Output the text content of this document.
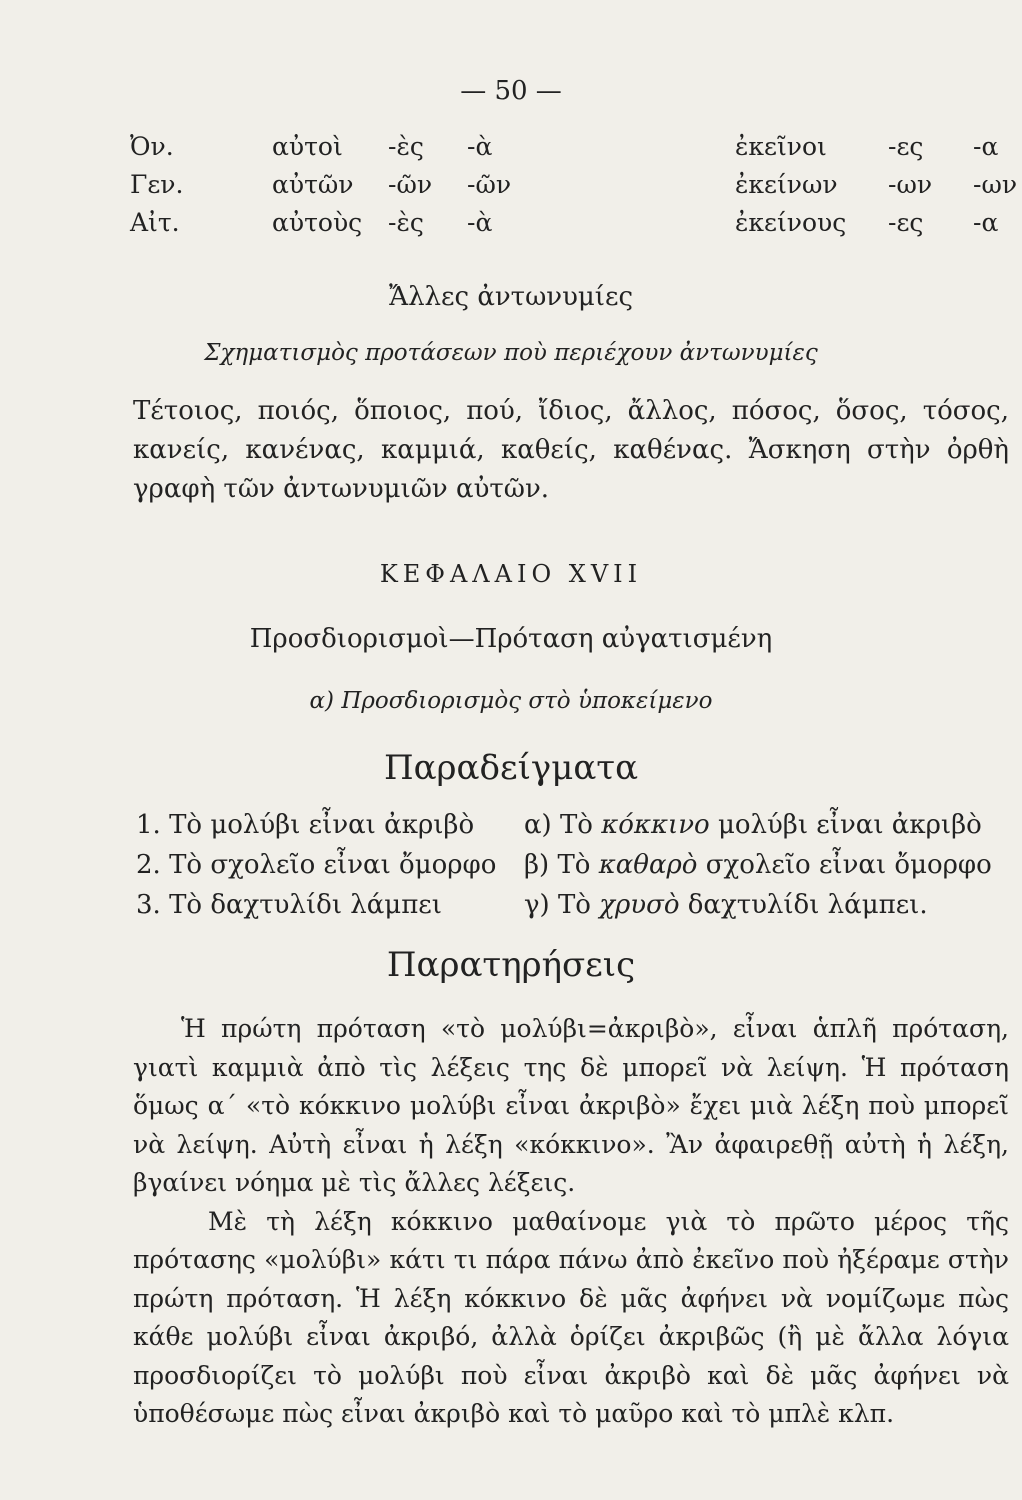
— 50 —
Ὀν.	αὐτοὶ -ὲς -ὰ	ἐκεῖνοι -ες -α
Γεν.	αὐτῶν -ῶν -ῶν	ἐκείνων -ων -ων
Αἰτ.	αὐτοὺς -ὲς -ὰ	ἐκείνους -ες -α
Ἄλλες ἀντωνυμίες
Σχηματισμὸς προτάσεων ποὺ περιέχουν ἀντωνυμίες
Τέτοιος, ποιός, ὅποιος, πού, ἴδιος, ἄλλος, πόσος, ὅσος, τόσος, κανείς, κανένας, καμμιά, καθείς, καθένας. Ἄσκηση στὴν ὀρθὴ γραφὴ τῶν ἀντωνυμιῶν αὐτῶν.
ΚΕΦΑΛΑΙΟ XVII
Προσδιορισμοὶ—Πρόταση αὐγατισμένη
α) Προσδιορισμὸς στὸ ὑποκείμενο
Παραδείγματα
1. Τὸ μολύβι εἶναι ἀκριβὸ α) Τὸ κόκκινο μολύβι εἶναι ἀκριβὸ
2. Τὸ σχολεῖο εἶναι ὄμορφο β) Τὸ καθαρὸ σχολεῖο εἶναι ὄμορφο
3. Τὸ δαχτυλίδι λάμπει	γ) Τὸ χρυσὸ δαχτυλίδι λάμπει.
Παρατηρήσεις

Ἡ πρώτη πρόταση «τὸ μολύβι=ἀκριβὸ», εἶναι ἁπλῆ πρόταση, γιατὶ καμμιὰ ἀπὸ τὶς λέξεις της δὲ μπορεῖ νὰ λείψη. Ἡ πρόταση ὅμως α΄ «τὸ κόκκινο μολύβι εἶναι ἀκριβὸ» ἔχει μιὰ λέξη ποὺ μπορεῖ νὰ λείψη. Αὐτὴ εἶναι ἡ λέξη «κόκκινο». Ἂν ἀφαιρεθῇ αὐτὴ ἡ λέξη, βγαίνει νόημα μὲ τὶς ἄλλες λέξεις.

Μὲ τὴ λέξη κόκκινο μαθαίνομε γιὰ τὸ πρῶτο μέρος τῆς πρότασης «μολύβι» κάτι τι πάρα πάνω ἀπὸ ἐκεῖνο ποὺ ἠξέραμε στὴν πρώτη πρόταση. Ἡ λέξη κόκκινο δὲ μᾶς ἀφήνει νὰ νομίζωμε πὼς κάθε μολύβι εἶναι ἀκριβό, ἀλλὰ ὁρίζει ἀκριβῶς (ἢ μὲ ἄλλα λόγια προσδιορίζει τὸ μολύβι ποὺ εἶναι ἀκριβὸ καὶ δὲ μᾶς ἀφήνει νὰ ὑποθέσωμε πὼς εἶναι ἀκριβὸ καὶ τὸ μαῦρο καὶ τὸ μπλὲ κλπ.
